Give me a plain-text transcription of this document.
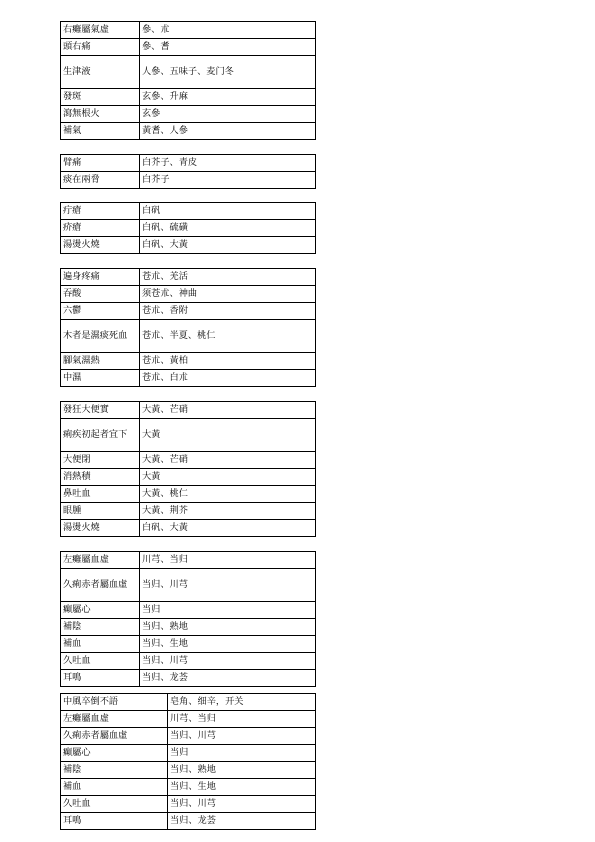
右癱屬氣虛	參、朮
頭右痛	參、耆
生津液	人參、五味子、麦门冬
發斑	玄參、升麻
瀉無根火	玄參
補氣	黃耆、人參
臂痛	白芥子、青皮
痰在兩脅	白芥子
疔瘡	白矾
疥瘡	白矾、硫磺
湯燙火燒	白矾、大黃
遍身疼痛	苍朮、羌活
吞酸	须苍朮、神曲
六鬱	苍朮、香附
木者是濕痰死血	苍朮、半夏、桃仁
腳氣濕熱	苍朮、黃柏
中濕	苍朮、白朮
發狂大便實	大黃、芒硝
痢疾初起者宜下	大黃
大便閉	大黃、芒硝
消熱積	大黃
鼻吐血	大黃、桃仁
眼腫	大黃、荆芥
湯燙火燒	白矾、大黃
左癱屬血虛	川芎、当归
久痢赤者屬血虛	当归、川芎
癲屬心	当归
補陰	当归、熟地
補血	当归、生地
久吐血	当归、川芎
耳鳴	当归、龙荟
中風卒倒不語	皂角、细辛，开关
左癱屬血虛	川芎、当归
久痢赤者屬血虛	当归、川芎
癲屬心	当归
補陰	当归、熟地
補血	当归、生地
久吐血	当归、川芎
耳鳴	当归、龙荟
